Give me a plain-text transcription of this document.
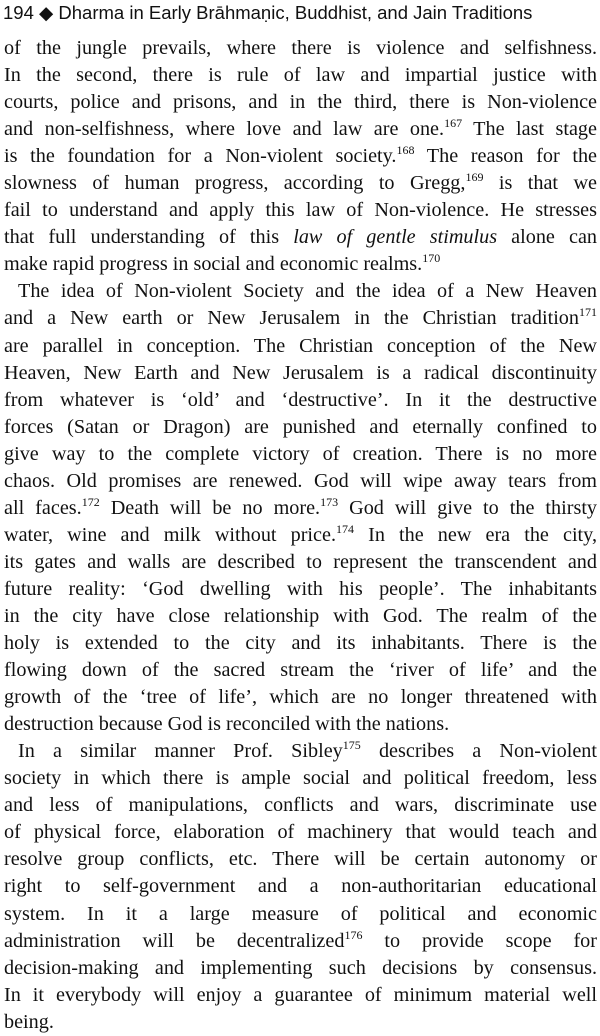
194 ◆ Dharma in Early Brāhmaṇic, Buddhist, and Jain Traditions
of the jungle prevails, where there is violence and selfishness.
In the second, there is rule of law and impartial justice with
courts, police and prisons, and in the third, there is Non-violence
and non-selfishness, where love and law are one.$^{167}$ The last stage
is the foundation for a Non-violent society.$^{168}$ The reason for the
slowness of human progress, according to Gregg,$^{169}$ is that we
fail to understand and apply this law of Non-violence. He stresses
that full understanding of this law of gentle stimulus alone can
make rapid progress in social and economic realms.$^{170}$
The idea of Non-violent Society and the idea of a New Heaven
and a New earth or New Jerusalem in the Christian tradition$^{171}$
are parallel in conception. The Christian conception of the New
Heaven, New Earth and New Jerusalem is a radical discontinuity
from whatever is ‘old’ and ‘destructive’. In it the destructive
forces (Satan or Dragon) are punished and eternally confined to
give way to the complete victory of creation. There is no more
chaos. Old promises are renewed. God will wipe away tears from
all faces.$^{172}$ Death will be no more.$^{173}$ God will give to the thirsty
water, wine and milk without price.$^{174}$ In the new era the city,
its gates and walls are described to represent the transcendent and
future reality: ‘God dwelling with his people’. The inhabitants
in the city have close relationship with God. The realm of the
holy is extended to the city and its inhabitants. There is the
flowing down of the sacred stream the ‘river of life’ and the
growth of the ‘tree of life’, which are no longer threatened with
destruction because God is reconciled with the nations.
In a similar manner Prof. Sibley$^{175}$ describes a Non-violent
society in which there is ample social and political freedom, less
and less of manipulations, conflicts and wars, discriminate use
of physical force, elaboration of machinery that would teach and
resolve group conflicts, etc. There will be certain autonomy or
right to self-government and a non-authoritarian educational
system. In it a large measure of political and economic
administration will be decentralized$^{176}$ to provide scope for
decision-making and implementing such decisions by consensus.
In it everybody will enjoy a guarantee of minimum material well
being.
